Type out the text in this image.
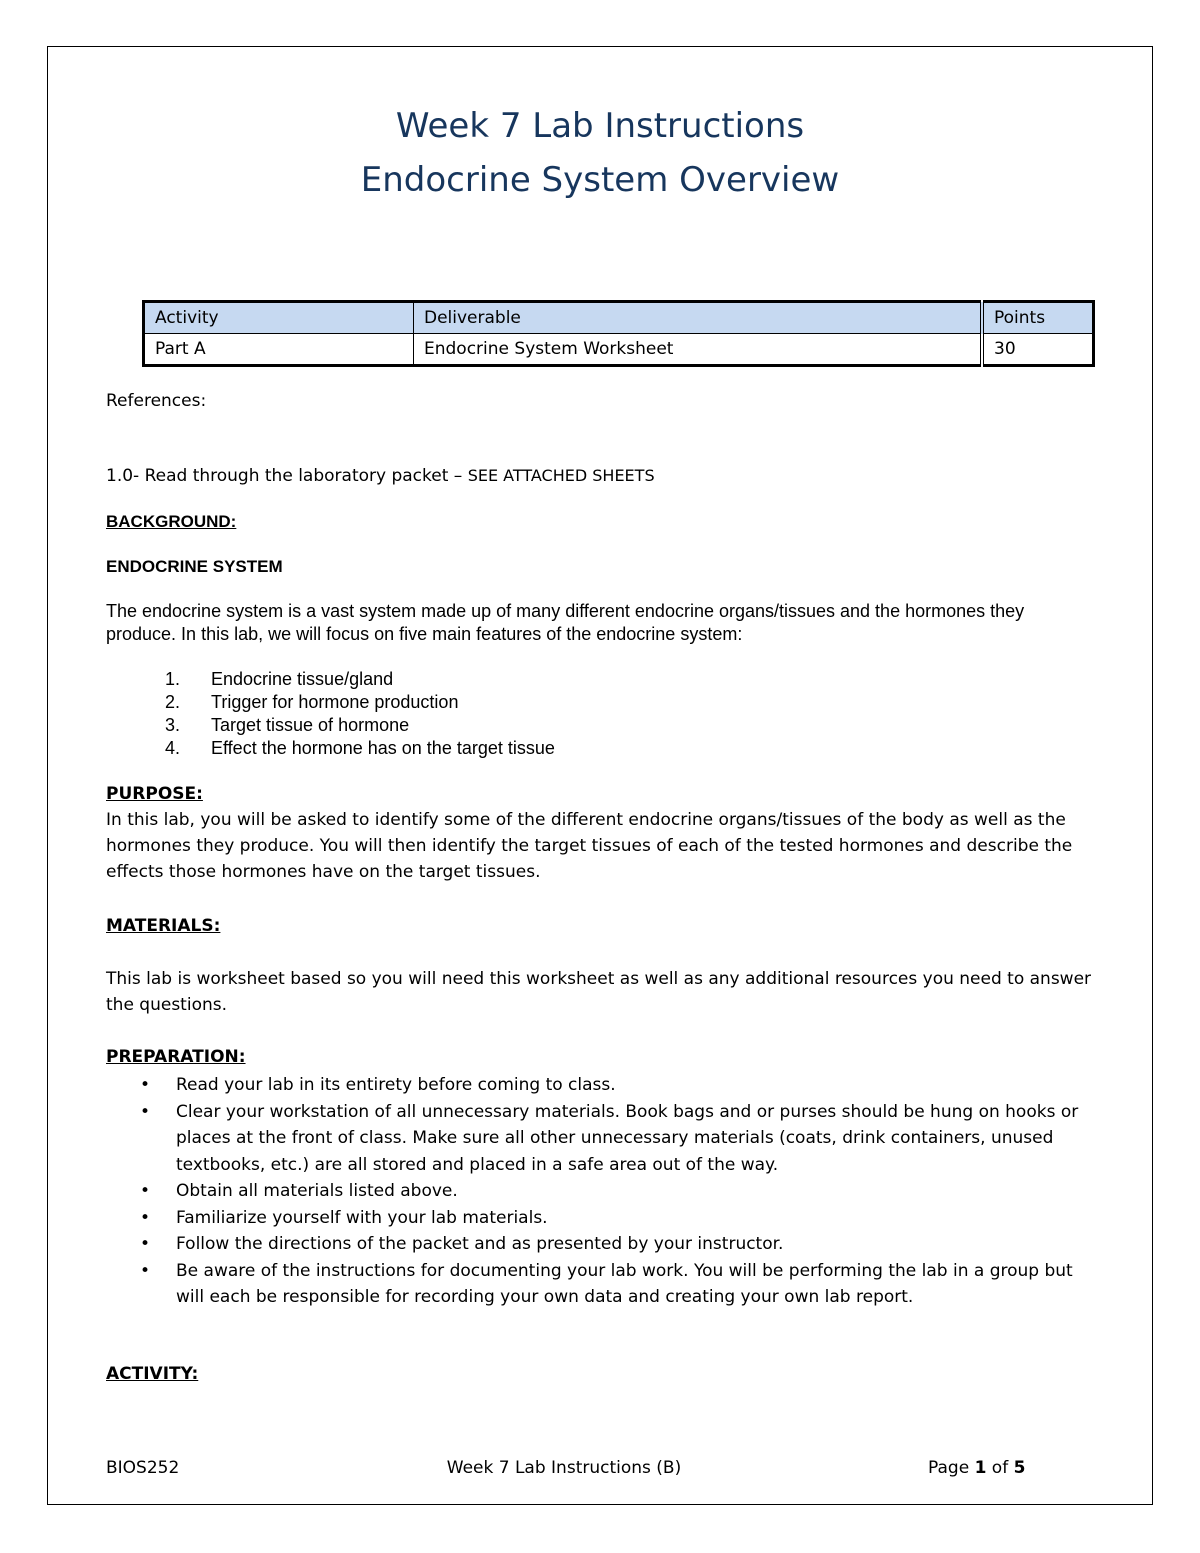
Week 7 Lab Instructions
Endocrine System Overview
Activity	Deliverable	Points
Part A	Endocrine System Worksheet	30
References:
1.0- Read through the laboratory packet – SEE ATTACHED SHEETS
BACKGROUND:
ENDOCRINE SYSTEM
The endocrine system is a vast system made up of many different endocrine organs/tissues and the hormones they produce. In this lab, we will focus on five main features of the endocrine system:
1. Endocrine tissue/gland
2. Trigger for hormone production
3. Target tissue of hormone
4. Effect the hormone has on the target tissue
PURPOSE:
In this lab, you will be asked to identify some of the different endocrine organs/tissues of the body as well as the hormones they produce. You will then identify the target tissues of each of the tested hormones and describe the effects those hormones have on the target tissues.
MATERIALS:
This lab is worksheet based so you will need this worksheet as well as any additional resources you need to answer the questions.
PREPARATION:
• Read your lab in its entirety before coming to class.
• Clear your workstation of all unnecessary materials. Book bags and or purses should be hung on hooks or places at the front of class. Make sure all other unnecessary materials (coats, drink containers, unused textbooks, etc.) are all stored and placed in a safe area out of the way.
• Obtain all materials listed above.
• Familiarize yourself with your lab materials.
• Follow the directions of the packet and as presented by your instructor.
• Be aware of the instructions for documenting your lab work. You will be performing the lab in a group but will each be responsible for recording your own data and creating your own lab report.
ACTIVITY:
BIOS252	Week 7 Lab Instructions (B)	Page 1 of 5
